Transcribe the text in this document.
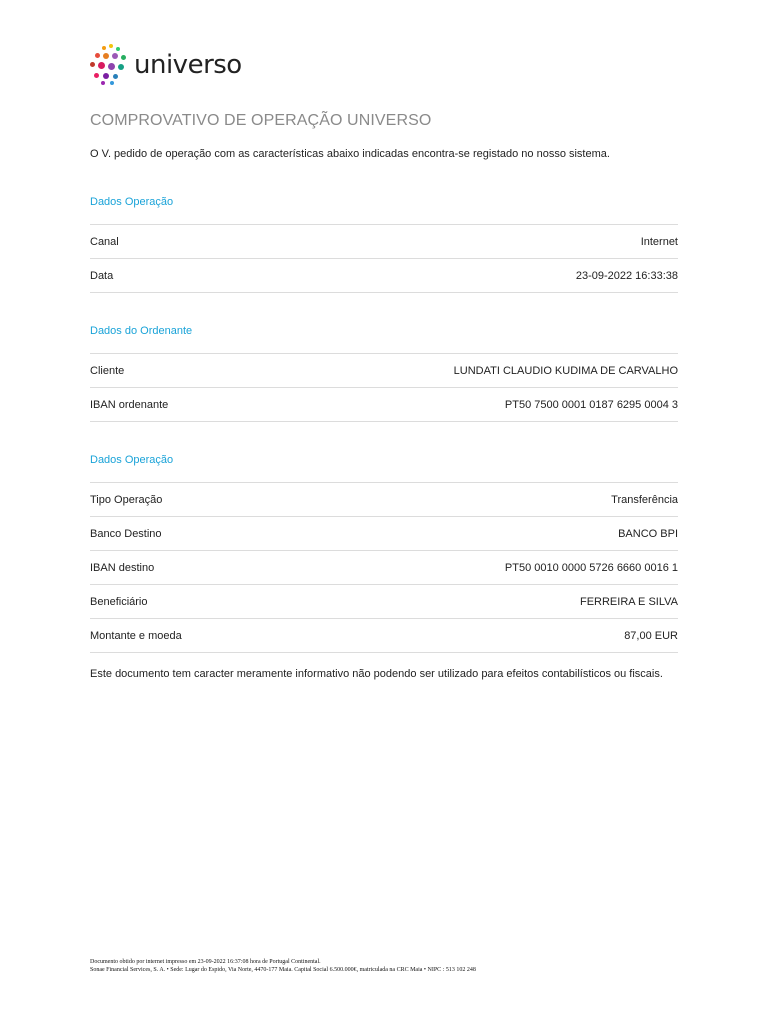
universo
COMPROVATIVO DE OPERAÇÃO UNIVERSO
O V. pedido de operação com as características abaixo indicadas encontra-se registado no nosso sistema.
Dados Operação
Canal	Internet
Data	23-09-2022 16:33:38
Dados do Ordenante
Cliente	LUNDATI CLAUDIO KUDIMA DE CARVALHO
IBAN ordenante	PT50 7500 0001 0187 6295 0004 3
Dados Operação
Tipo Operação	Transferência
Banco Destino	BANCO BPI
IBAN destino	PT50 0010 0000 5726 6660 0016 1
Beneficiário	FERREIRA E SILVA
Montante e moeda	87,00 EUR
Este documento tem caracter meramente informativo não podendo ser utilizado para efeitos contabilísticos ou fiscais.
Documento obtido por internet impresso em 23-09-2022 16:37:08 hora de Portugal Continental.
Sonae Financial Services, S. A. • Sede: Lugar do Espido, Via Norte, 4470-177 Maia. Capital Social 6.500.000€, matriculada na CRC Maia • NIPC : 513 102 248
